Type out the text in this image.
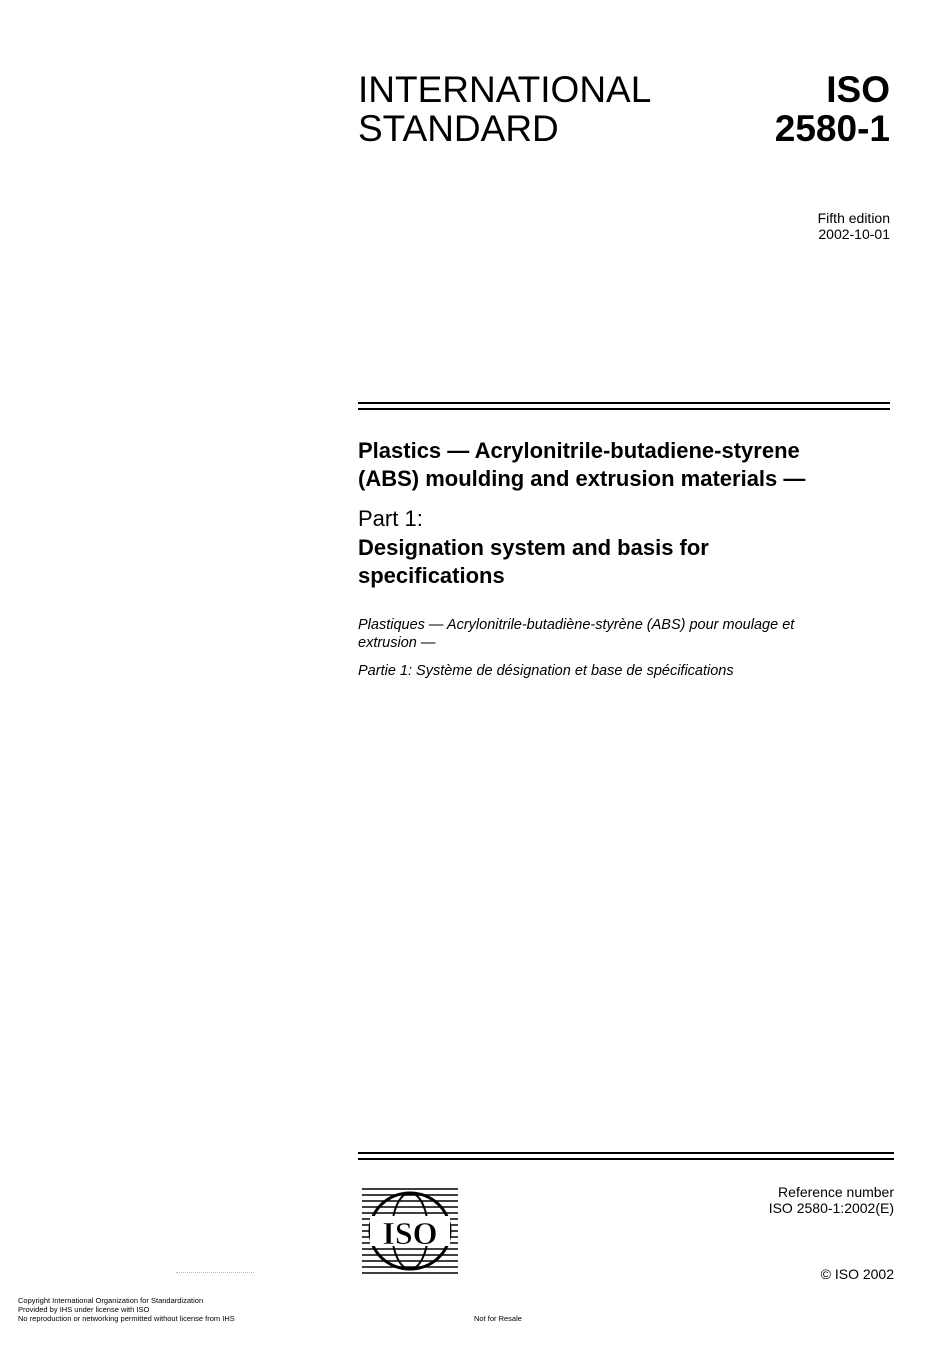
INTERNATIONAL
STANDARD
ISO
2580-1
Fifth edition
2002-10-01
Plastics — Acrylonitrile-butadiene-styrene
(ABS) moulding and extrusion materials —
Part 1:
Designation system and basis for
specifications
Plastiques — Acrylonitrile-butadiène-styrène (ABS) pour moulage et
extrusion —
Partie 1: Système de désignation et base de spécifications
ISO
Reference number
ISO 2580-1:2002(E)
© ISO 2002
Copyright International Organization for Standardization
Provided by IHS under license with ISO
No reproduction or networking permitted without license from IHS	Not for Resale
